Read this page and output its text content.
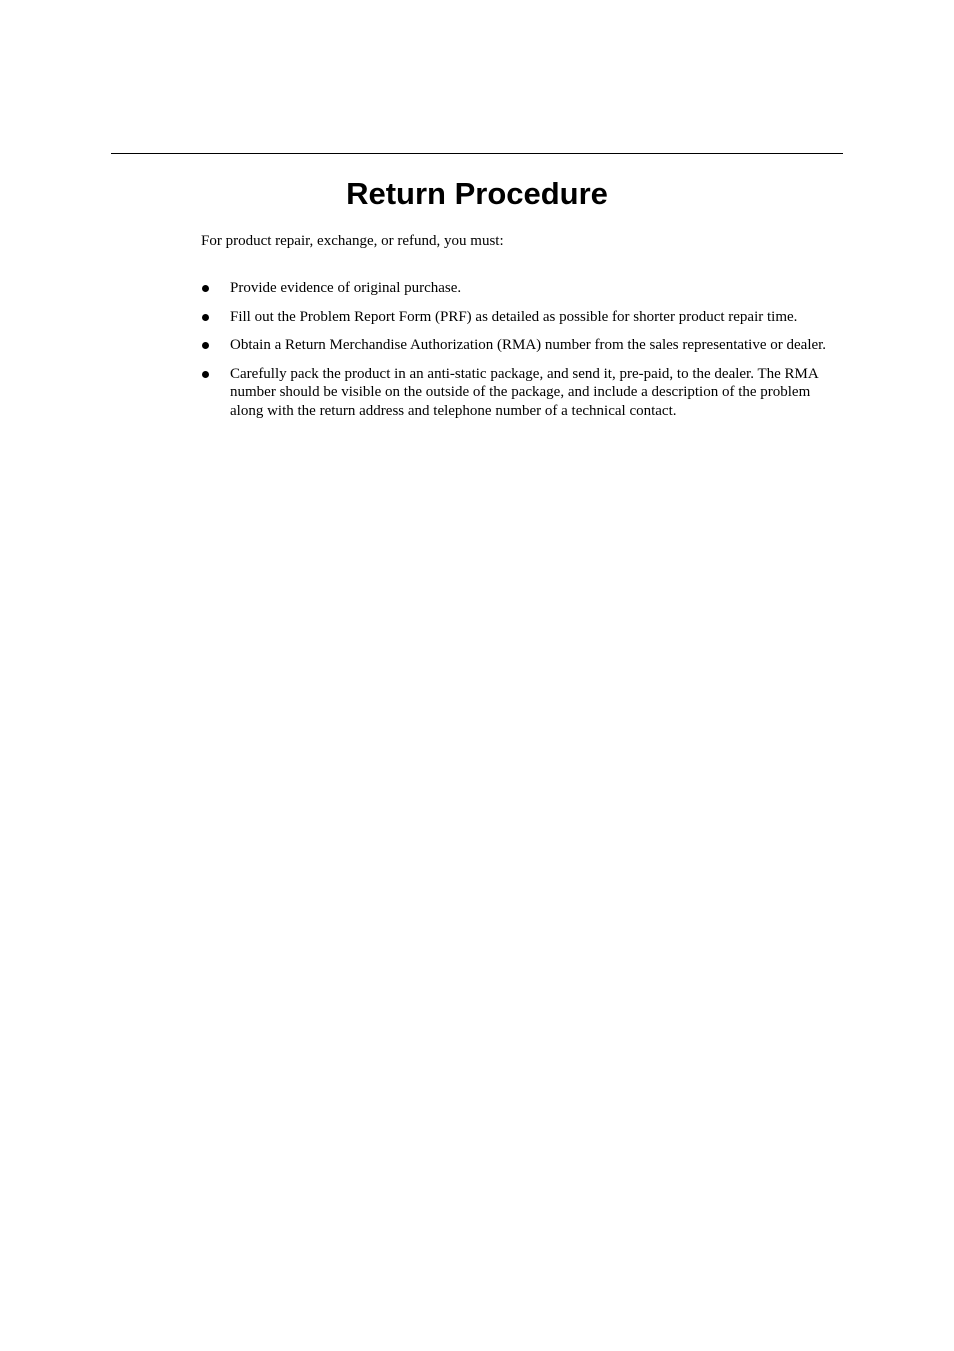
Return Procedure

For product repair, exchange, or refund, you must:

Provide evidence of original purchase.
Fill out the Problem Report Form (PRF) as detailed as possible for shorter product repair time.
Obtain a Return Merchandise Authorization (RMA) number from the sales representative or dealer.
Carefully pack the product in an anti-static package, and send it, pre-paid, to the dealer. The RMA number should be visible on the outside of the package, and include a description of the problem along with the return address and telephone number of a technical contact.
